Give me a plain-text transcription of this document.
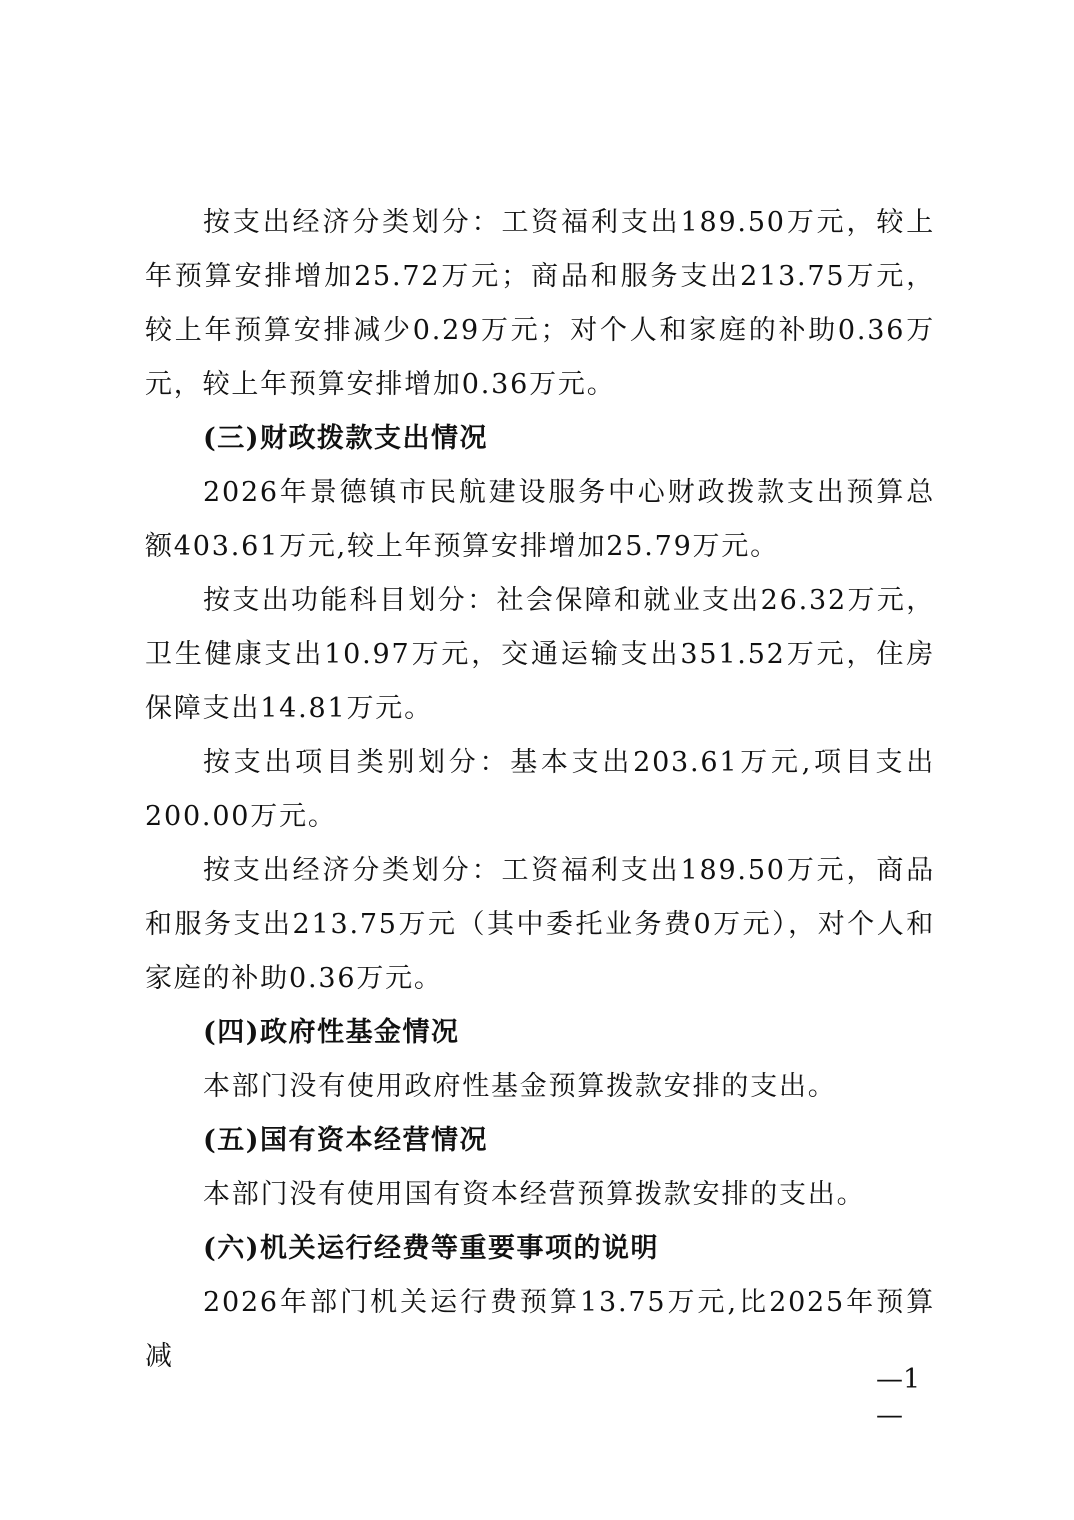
按支出经济分类划分：工资福利支出189.50万元，较上年预算安排增加25.72万元；商品和服务支出213.75万元，较上年预算安排减少0.29万元；对个人和家庭的补助0.36万元，较上年预算安排增加0.36万元。

(三)财政拨款支出情况

2026年景德镇市民航建设服务中心财政拨款支出预算总额403.61万元,较上年预算安排增加25.79万元。

按支出功能科目划分：社会保障和就业支出26.32万元，卫生健康支出10.97万元，交通运输支出351.52万元，住房保障支出14.81万元。

按支出项目类别划分：基本支出203.61万元,项目支出200.00万元。

按支出经济分类划分：工资福利支出189.50万元，商品和服务支出213.75万元（其中委托业务费0万元），对个人和家庭的补助0.36万元。

(四)政府性基金情况

本部门没有使用政府性基金预算拨款安排的支出。

(五)国有资本经营情况

本部门没有使用国有资本经营预算拨款安排的支出。

(六)机关运行经费等重要事项的说明

2026年部门机关运行费预算13.75万元,比2025年预算减

—1—
